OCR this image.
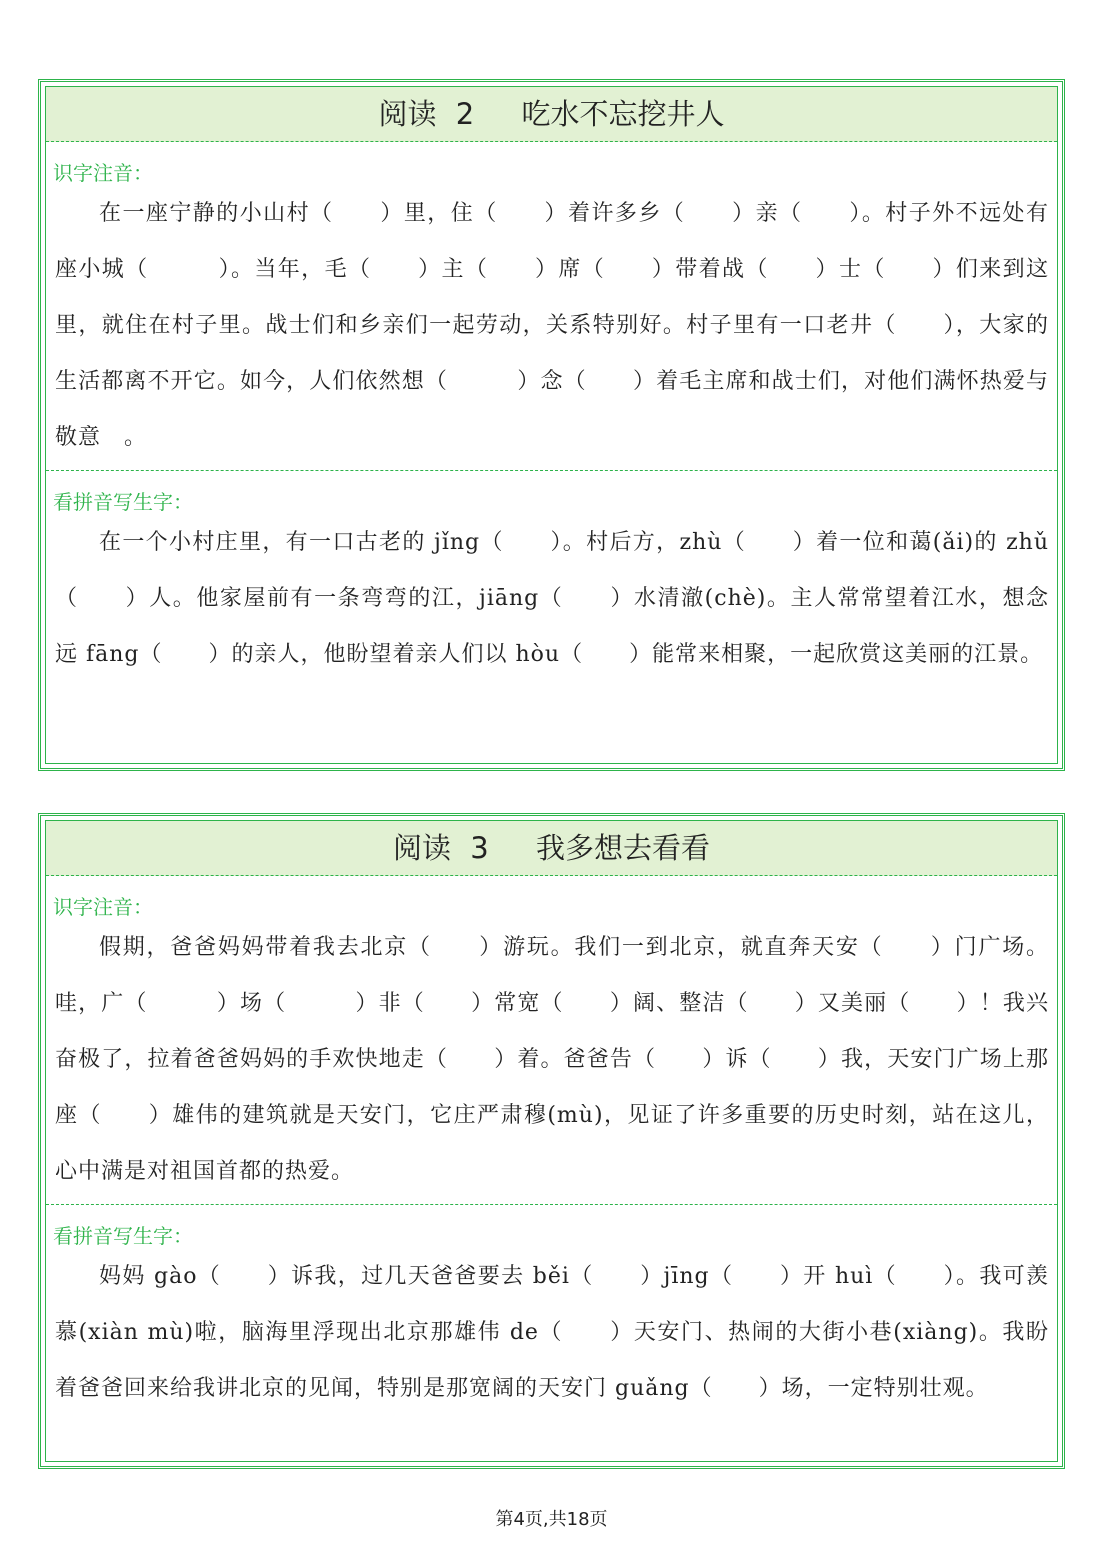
阅读 2 吃水不忘挖井人
识字注音：
在一座宁静的小山村（　　）里，住（　　）着许多乡（　　）亲（　　）。村子外不远处有座小城（　　　）。当年，毛（　　）主（　　）席（　　）带着战（　　）士（　　）们来到这里，就住在村子里。战士们和乡亲们一起劳动，关系特别好。村子里有一口老井（　　），大家的生活都离不开它。如今，人们依然想（　　　）念（　　）着毛主席和战士们，对他们满怀热爱与敬意　。
看拼音写生字：
在一个小村庄里，有一口古老的 jǐng（　　）。村后方，zhù（　　）着一位和蔼(ǎi)的 zhǔ（　　）人。他家屋前有一条弯弯的江，jiāng（　　）水清澈(chè)。主人常常望着江水，想念远 fāng（　　）的亲人，他盼望着亲人们以 hòu（　　）能常来相聚，一起欣赏这美丽的江景。
阅读 3 我多想去看看
识字注音：
假期，爸爸妈妈带着我去北京（　　）游玩。我们一到北京，就直奔天安（　　）门广场。哇，广（　　　）场（　　　）非（　　）常宽（　　）阔、整洁（　　）又美丽（　　）！我兴奋极了，拉着爸爸妈妈的手欢快地走（　　）着。爸爸告（　　）诉（　　）我，天安门广场上那座（　　）雄伟的建筑就是天安门，它庄严肃穆(mù)，见证了许多重要的历史时刻，站在这儿，心中满是对祖国首都的热爱。
看拼音写生字：
妈妈 gào（　　）诉我，过几天爸爸要去 běi（　　）jīng（　　）开 huì（　　）。我可羡慕(xiàn mù)啦，脑海里浮现出北京那雄伟 de（　　）天安门、热闹的大街小巷(xiàng)。我盼着爸爸回来给我讲北京的见闻，特别是那宽阔的天安门 guǎng（　　）场，一定特别壮观。
第4页,共18页
